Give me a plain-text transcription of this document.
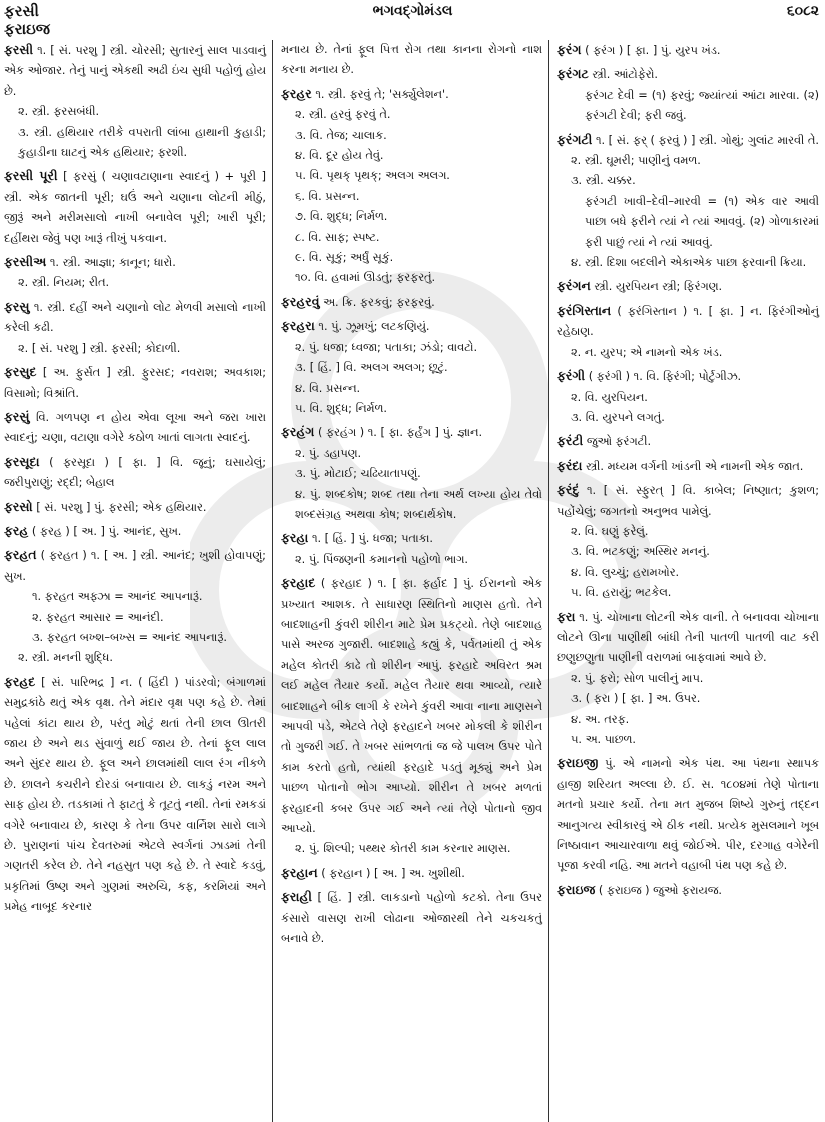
ફરસી
ફરાઇજ
ભગવદ્ગોમંડલ	૬૦૮૨
ફરસી ૧. [ સં. પરશુ ] સ્ત્રી. ચોરસી; સુતારનું સાલ પાડવાનું એક ઓજાર. તેનું પાનું એકથી અઢી ઇંચ સુધી પહોળું હોય છે.
૨. સ્ત્રી. ફરસબંધી.
૩. સ્ત્રી. હથિયાર તરીકે વપરાતી લાંબા હાથાની કુહાડી; કુહાડીના ઘાટનું એક હથિયાર; ફરશી.
ફરસી પૂરી [ ફરસું ( ચણાવટાણાના સ્વાદનું ) + પૂરી ] સ્ત્રી. એક જાતની પૂરી; ઘઉં અને ચણાના લોટની મીઠું, જીરૂં અને મરીમસાલો નાખી બનાવેલ પૂરી; ખારી પૂરી; દહીંથરા જેવું પણ ખારૂં તીખું પકવાન.
ફરસીઅ ૧. સ્ત્રી. આજ્ઞા; કાનૂન; ધારો.
૨. સ્ત્રી. નિયમ; રીત.
ફરસુ ૧. સ્ત્રી. દહીં અને ચણાનો લોટ મેળવી મસાલો નાખી કરેલી કઢી.
૨. [ સં. પરશુ ] સ્ત્રી. ફરસી; કોદાળી.
ફરસુદ [ અ. ફુર્સત ] સ્ત્રી. ફુરસદ; નવરાશ; અવકાશ; વિસામો; વિશ્રાંતિ.
ફરસું વિ. ગળપણ ન હોય એવા લૂખા અને જરા ખારા સ્વાદનું; ચણા, વટાણા વગેરે કઠોળ ખાતાં લાગતા સ્વાદનું.
ફરસૂદા ( ફરસૂદા ) [ ફા. ] વિ. જૂનું; ઘસાયેલું; જરીપુરાણું; રદ્દી; બેહાલ
ફરસો [ સં. પરશુ ] પું. ફરસી; એક હથિયાર.
ફરહ ( ફરહ ) [ અ. ] પું. આનંદ, સુખ.
ફરહત ( ફરહત ) ૧. [ અ. ] સ્ત્રી. આનંદ; ખુશી હોવાપણું; સુખ.
૧. ફરહત અફ્ઝા = આનંદ આપનારૂં.
૨. ફરહત આસાર = આનંદી.
૩. ફરહત બખ્શ–બખ્સ = આનંદ આપનારૂં.
૨. સ્ત્રી. મનની શુદ્ધિ.
ફરહદ [ સં. પારિભદ્ર ] ન. ( હિંદી ) પાંડરવો; બંગાળમાં સમુદ્રકાંઠે થતું એક વૃક્ષ. તેને મંદાર વૃક્ષ પણ કહે છે. તેમાં પહેલાં કાંટા થાય છે, પરંતુ મોટું થતાં તેની છાલ ઊતરી જાય છે અને થડ સુંવાળું થઈ જાય છે. તેનાં ફૂલ લાલ અને સુંદર થાય છે. ફૂલ અને છાલમાંથી લાલ રંગ નીકળે છે. છાલને કચરીને દોરડાં બનાવાય છે. લાકડું નરમ અને સાફ હોય છે. તડકામાં તે ફાટતું કે તૂટતું નથી. તેનાં રમકડાં વગેરે બનાવાય છે, કારણ કે તેના ઉપર વાર્નિશ સારો લાગે છે. પુરાણનાં પાંચ દેવતરુમાં એટલે સ્વર્ગનાં ઝાડમાં તેની ગણતરી કરેલ છે. તેને નહસુત પણ કહે છે. તે સ્વાદે કડવું, પ્રકૃતિમાં ઉષ્ણ અને ગુણમાં અરુચિ, કફ, કરમિયાં અને પ્રમેહ નાબૂદ કરનાર
મનાય છે. તેનાં ફૂલ પિત્ત રોગ તથા કાનના રોગનો નાશ કરના મનાય છે.
ફરહર ૧. સ્ત્રી. ફરવું તે; 'સર્ક્યુલેશન'.
૨. સ્ત્રી. હરવું ફરવું તે.
૩. વિ. તેજ; ચાલાક.
૪. વિ. દૂર હોય તેવું.
૫. વિ. પૃથક્ પૃથક્; અલગ અલગ.
૬. વિ. પ્રસન્ન.
૭. વિ. શુદ્ધ; નિર્મળ.
૮. વિ. સાફ; સ્પષ્ટ.
૯. વિ. સૂકું; અર્ધું સૂકું.
૧૦. વિ. હવામાં ઊડતું; ફરફરતું.
ફરહરવું અ. ક્રિ. ફરકવું; ફરફરવું.
ફરહરા ૧. પું. ઝૂમખું; લટકણિયું.
૨. પું. ધજા; ધ્વજા; પતાકા; ઝંડો; વાવટો.
૩. [ હિં. ] વિ. અલગ અલગ; છૂટું.
૪. વિ. પ્રસન્ન.
૫. વિ. શુદ્ધ; નિર્મળ.
ફરહંગ ( ફરહંગ ) ૧. [ ફા. ફર્હંગ ] પું. જ્ઞાન.
૨. પું. ડહાપણ.
૩. પું. મોટાઈ; ચઢિયાતાપણું.
૪. પું. શબ્દકોષ; શબ્દ તથા તેના અર્થ લખ્યા હોય તેવો શબ્દસંગ્રહ અથવા કોષ; શબ્દાર્થકોષ.
ફરહા ૧. [ હિં. ] પું. ધજા; પતાકા.
૨. પું. પિંજણની કમાનનો પહોળો ભાગ.
ફરહાદ ( ફરહાદ ) ૧. [ ફા. ફર્હાદ ] પું. ઈરાનનો એક પ્રખ્યાત આશક. તે સાધારણ સ્થિતિનો માણસ હતો. તેને બાદશાહની કુંવરી શીરીન માટે પ્રેમ પ્રકટ્યો. તેણે બાદશાહ પાસે અરજ ગુજારી. બાદશાહે કહ્યું કે, પર્વતમાંથી તું એક મહેલ કોતરી કાઢે તો શીરીન આપું. ફરહાદે અવિરત શ્રમ લઈ મહેલ તૈયાર કર્યો. મહેલ તૈયાર થવા આવ્યો, ત્યારે બાદશાહને બીક લાગી કે રખેને કુંવરી આવા નાના માણસને આપવી પડે, એટલે તેણે ફરહાદને ખબર મોકલી કે શીરીન તો ગુજરી ગઈ. તે ખબર સાંભળતાં જ જે પાલખ ઉપર પોતે કામ કરતો હતો, ત્યાંથી ફરહાદે પડતું મૂક્યું અને પ્રેમ પાછળ પોતાનો ભોગ આપ્યો. શીરીન તે ખબર મળતાં ફરહાદની કબર ઉપર ગઈ અને ત્યાં તેણે પોતાનો જીવ આપ્યો.
૨. પું. શિલ્પી; પથ્થર કોતરી કામ કરનાર માણસ.
ફરહાન ( ફરહાન ) [ અ. ] અ. ખુશીથી.
ફરાહી [ હિં. ] સ્ત્રી. લાકડાનો પહોળો કટકો. તેના ઉપર કંસારો વાસણ રાખી લોઢાના ઓજારથી તેને ચકચકતું બનાવે છે.
ફરંગ ( ફરંગ ) [ ફા. ] પું. યુરપ ખંડ.
ફરંગટ સ્ત્રી. આંટોફેરો.
ફરંગટ દેવી = (૧) ફરવું; જ્યાંત્યાં આંટા મારવા. (૨) ફરંગટી દેવી; ફરી જવું.
ફરંગટી ૧. [ સં. ફર્ ( ફરવું ) ] સ્ત્રી. ગોથું; ગુલાંટ મારવી તે.
૨. સ્ત્રી. ઘૂમરી; પાણીનું વમળ.
૩. સ્ત્રી. ચક્કર.
ફરંગટી ખાવી–દેવી–મારવી = (૧) એક વાર આવી પાછા બધે ફરીને ત્યાં ને ત્યાં આવવું. (૨) ગોળાકારમાં ફરી પાછું ત્યાં ને ત્યાં આવવું.
૪. સ્ત્રી. દિશા બદલીને એકાએક પાછા ફરવાની ક્રિયા.
ફરંગન સ્ત્રી. યુરપિયન સ્ત્રી; ફિરંગણ.
ફરંગિસ્તાન ( ફરંગિસ્તાન ) ૧. [ ફા. ] ન. ફિરંગીઓનું રહેઠાણ.
૨. ન. યુરપ; એ નામનો એક ખંડ.
ફરંગી ( ફરંગી ) ૧. વિ. ફિરંગી; પોર્ટુગીઝ.
૨. વિ. યુરપિયન.
૩. વિ. યુરપને લગતું.
ફરંટી જુઓ ફરંગટી.
ફરંદા સ્ત્રી. મધ્યમ વર્ગની ખાંડની એ નામની એક જાત.
ફરંદું ૧. [ સં. સ્ફુરત્ ] વિ. કાબેલ; નિષ્ણાત; કુશળ; પહોંચેલું; જગતનો અનુભવ પામેલું.
૨. વિ. ઘણું ફરેલું.
૩. વિ. ભટકણું; અસ્થિર મનનું.
૪. વિ. લુચ્ચું; હરામખોર.
૫. વિ. હરાયું; ભટકેલ.
ફરા ૧. પું. ચોખાના લોટની એક વાની. તે બનાવવા ચોખાના લોટને ઊના પાણીથી બાંધી તેની પાતળી પાતળી વાટ કરી છણુછણુતા પાણીની વરાળમાં બાફવામાં આવે છે.
૨. પું. ફરો; સોળ પાલીનું માપ.
૩. ( ફરા ) [ ફા. ] અ. ઉપર.
૪. અ. તરફ.
૫. અ. પાછળ.
ફરાઇજી પું. એ નામનો એક પંથ. આ પંથના સ્થાપક હાજી શરિયત અલ્લા છે. ઈ. સ. ૧૮૦૪માં તેણે પોતાના મતનો પ્રચાર કર્યો. તેના મત મુજબ શિષ્યે ગુરુનું તદ્દન આનુગત્ય સ્વીકારવું એ ઠીક નથી. પ્રત્યેક મુસલમાને ખૂબ નિષ્ઠાવાન આચારવાળા થવું જોઈએ. પીર, દરગાહ વગેરેની પૂજા કરવી નહિ. આ મતને વહાબી પંથ પણ કહે છે.
ફરાઇજ ( ફરાઇજ ) જુઓ ફરાયજ.
